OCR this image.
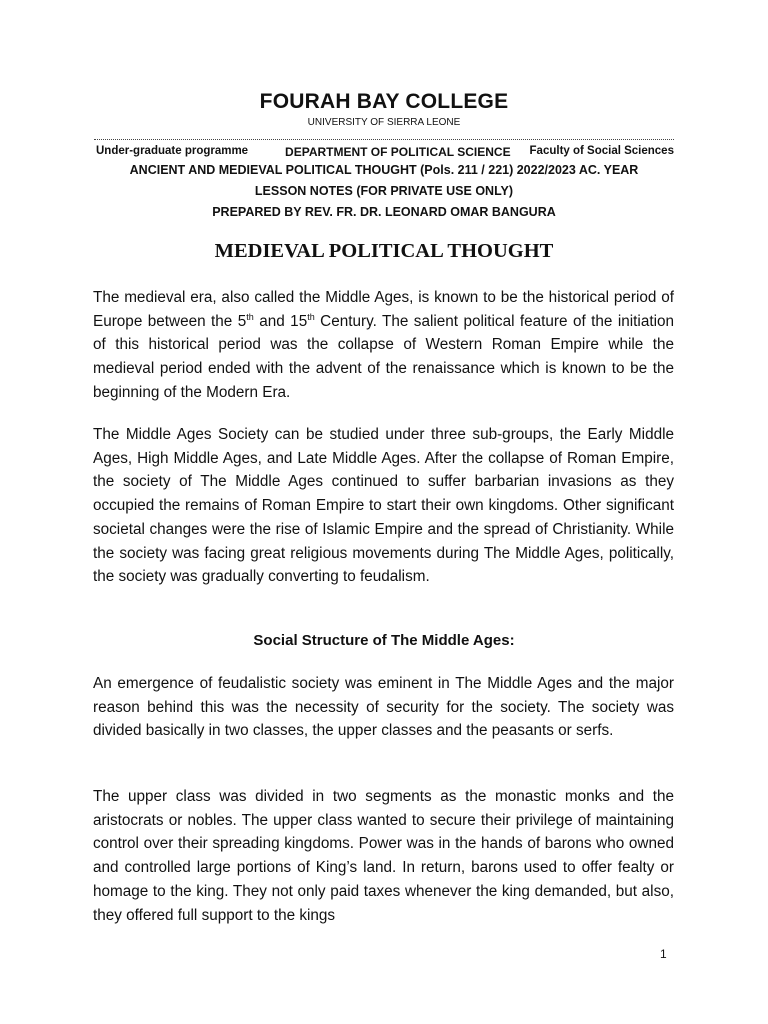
FOURAH BAY COLLEGE
UNIVERSITY OF SIERRA LEONE
Under-graduate programme	DEPARTMENT OF POLITICAL SCIENCE Faculty of Social Sciences
ANCIENT AND MEDIEVAL POLITICAL THOUGHT (Pols. 211 / 221) 2022/2023 AC. YEAR
LESSON NOTES (FOR PRIVATE USE ONLY)
PREPARED BY REV. FR. DR. LEONARD OMAR BANGURA
MEDIEVAL POLITICAL THOUGHT

The medieval era, also called the Middle Ages, is known to be the historical period of Europe between the 5th and 15th Century. The salient political feature of the initiation of this historical period was the collapse of Western Roman Empire while the medieval period ended with the advent of the renaissance which is known to be the beginning of the Modern Era.

The Middle Ages Society can be studied under three sub-groups, the Early Middle Ages, High Middle Ages, and Late Middle Ages. After the collapse of Roman Empire, the society of The Middle Ages continued to suffer barbarian invasions as they occupied the remains of Roman Empire to start their own kingdoms. Other significant societal changes were the rise of Islamic Empire and the spread of Christianity. While the society was facing great religious movements during The Middle Ages, politically, the society was gradually converting to feudalism.

Social Structure of The Middle Ages:

An emergence of feudalistic society was eminent in The Middle Ages and the major reason behind this was the necessity of security for the society. The society was divided basically in two classes, the upper classes and the peasants or serfs.

The upper class was divided in two segments as the monastic monks and the aristocrats or nobles. The upper class wanted to secure their privilege of maintaining control over their spreading kingdoms. Power was in the hands of barons who owned and controlled large portions of King’s land. In return, barons used to offer fealty or homage to the king. They not only paid taxes whenever the king demanded, but also, they offered full support to the kings

1
